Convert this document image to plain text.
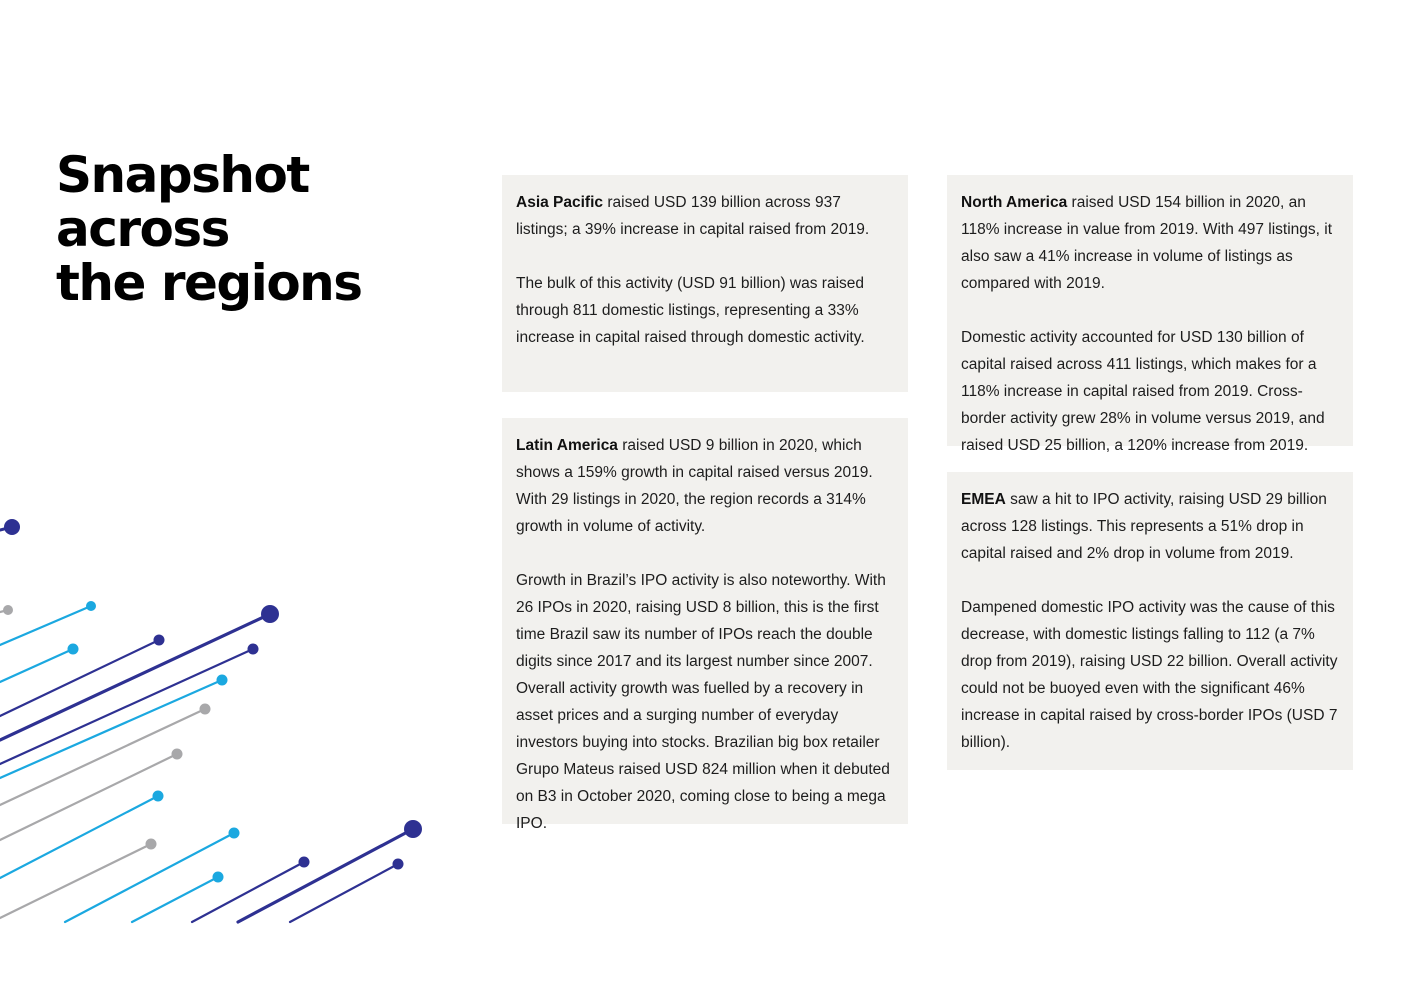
Snapshot across
the regions

Asia Pacific raised USD 139 billion across 937 listings; a 39% increase in capital raised from 2019.

The bulk of this activity (USD 91 billion) was raised through 811 domestic listings, representing a 33% increase in capital raised through domestic activity.

Latin America raised USD 9 billion in 2020, which shows a 159% growth in capital raised versus 2019. With 29 listings in 2020, the region records a 314% growth in volume of activity.

Growth in Brazil’s IPO activity is also noteworthy. With 26 IPOs in 2020, raising USD 8 billion, this is the first time Brazil saw its number of IPOs reach the double digits since 2017 and its largest number since 2007. Overall activity growth was fuelled by a recovery in asset prices and a surging number of everyday investors buying into stocks. Brazilian big box retailer Grupo Mateus raised USD 824 million when it debuted on B3 in October 2020, coming close to being a mega IPO.

North America raised USD 154 billion in 2020, an 118% increase in value from 2019. With 497 listings, it also saw a 41% increase in volume of listings as compared with 2019.

Domestic activity accounted for USD 130 billion of capital raised across 411 listings, which makes for a 118% increase in capital raised from 2019. Cross-border activity grew 28% in volume versus 2019, and raised USD 25 billion, a 120% increase from 2019.

EMEA saw a hit to IPO activity, raising USD 29 billion across 128 listings. This represents a 51% drop in capital raised and 2% drop in volume from 2019.

Dampened domestic IPO activity was the cause of this decrease, with domestic listings falling to 112 (a 7% drop from 2019), raising USD 22 billion. Overall activity could not be buoyed even with the significant 46% increase in capital raised by cross-border IPOs (USD 7 billion).
